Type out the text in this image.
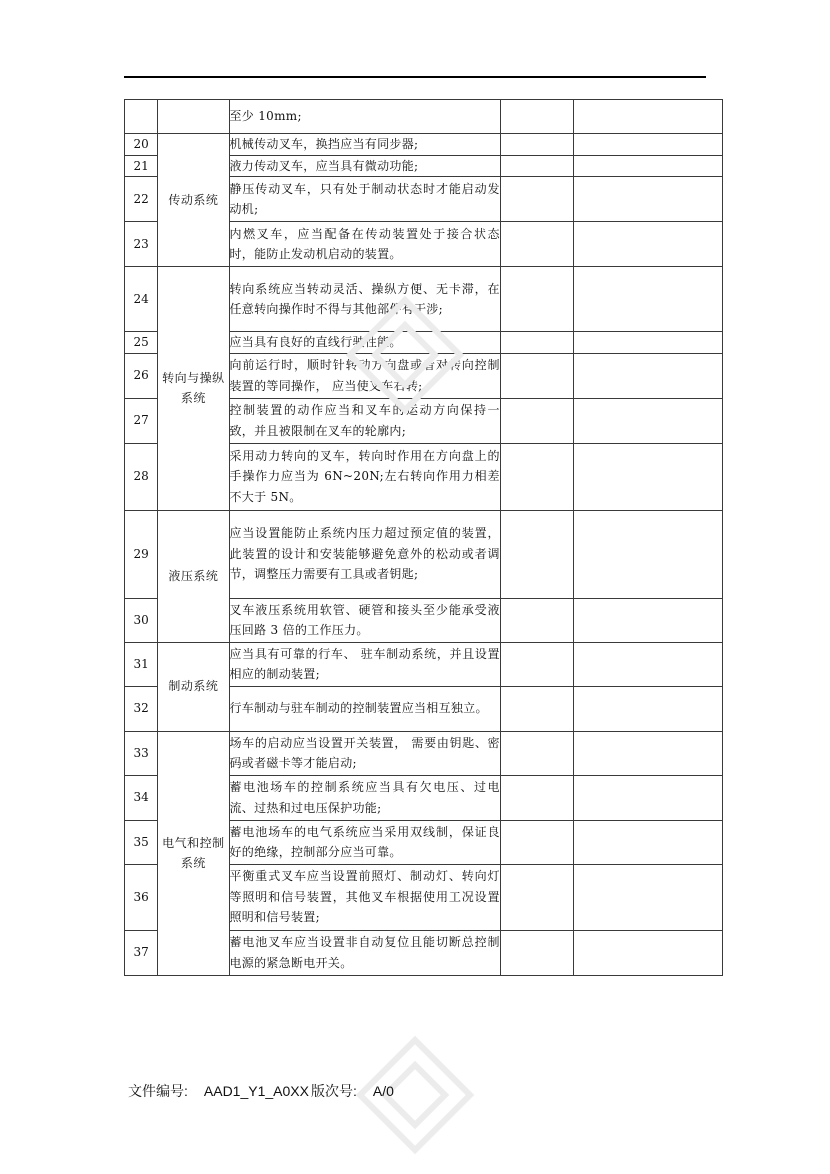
		至少 10mm;		
20	传动系统	机械传动叉车，换挡应当有同步器;		
21		液力传动叉车，应当具有微动功能;		
22		静压传动叉车，只有处于制动状态时才能启动发动机;		
23		内燃叉车，应当配备在传动装置处于接合状态时，能防止发动机启动的装置。		
24	转向与操纵系统	转向系统应当转动灵活、操纵方便、无卡滞，在任意转向操作时不得与其他部件有干涉;		
25		应当具有良好的直线行驶性能。		
26		向前运行时，顺时针转动方向盘或者对转向控制装置的等同操作， 应当使叉车右转;		
27		控制装置的动作应当和叉车的运动方向保持一致，并且被限制在叉车的轮廓内;		
28		采用动力转向的叉车，转向时作用在方向盘上的手操作力应当为 6N~20N;左右转向作用力相差不大于 5N。		
29	液压系统	应当设置能防止系统内压力超过预定值的装置，此装置的设计和安装能够避免意外的松动或者调节，调整压力需要有工具或者钥匙;		
30		叉车液压系统用软管、硬管和接头至少能承受液压回路 3 倍的工作压力。		
31	制动系统	应当具有可靠的行车、 驻车制动系统，并且设置相应的制动装置;		
32		行车制动与驻车制动的控制装置应当相互独立。		
33	电气和控制系统	场车的启动应当设置开关装置， 需要由钥匙、密码或者磁卡等才能启动;		
34		蓄电池场车的控制系统应当具有欠电压、过电流、过热和过电压保护功能;		
35		蓄电池场车的电气系统应当采用双线制，保证良好的绝缘，控制部分应当可靠。		
36		平衡重式叉车应当设置前照灯、制动灯、转向灯等照明和信号装置，其他叉车根据使用工况设置照明和信号装置;		
37		蓄电池叉车应当设置非自动复位且能切断总控制电源的紧急断电开关。		
文件编号: AAD1_Y1_A0XX 版次号: A/0
